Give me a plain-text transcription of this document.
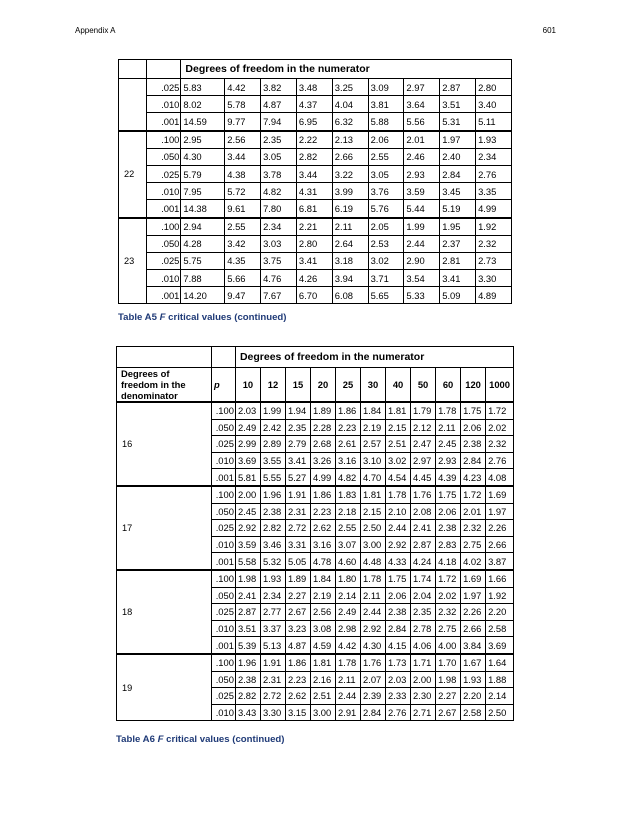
Appendix A	601
		Degrees of freedom in the numerator								
	.025	5.83	4.42	3.82	3.48	3.25	3.09	2.97	2.87	2.80
	.010	8.02	5.78	4.87	4.37	4.04	3.81	3.64	3.51	3.40
	.001	14.59	9.77	7.94	6.95	6.32	5.88	5.56	5.31	5.11
22	.100	2.95	2.56	2.35	2.22	2.13	2.06	2.01	1.97	1.93
	.050	4.30	3.44	3.05	2.82	2.66	2.55	2.46	2.40	2.34
	.025	5.79	4.38	3.78	3.44	3.22	3.05	2.93	2.84	2.76
	.010	7.95	5.72	4.82	4.31	3.99	3.76	3.59	3.45	3.35
	.001	14.38	9.61	7.80	6.81	6.19	5.76	5.44	5.19	4.99
23	.100	2.94	2.55	2.34	2.21	2.11	2.05	1.99	1.95	1.92
	.050	4.28	3.42	3.03	2.80	2.64	2.53	2.44	2.37	2.32
	.025	5.75	4.35	3.75	3.41	3.18	3.02	2.90	2.81	2.73
	.010	7.88	5.66	4.76	4.26	3.94	3.71	3.54	3.41	3.30
	.001	14.20	9.47	7.67	6.70	6.08	5.65	5.33	5.09	4.89
Table A5 F critical values (continued)
		Degrees of freedom in the numerator										
Degrees of freedom in the denominator	p	10	12	15	20	25	30	40	50	60	120	1000
16	.100	2.03	1.99	1.94	1.89	1.86	1.84	1.81	1.79	1.78	1.75	1.72
	.050	2.49	2.42	2.35	2.28	2.23	2.19	2.15	2.12	2.11	2.06	2.02
	.025	2.99	2.89	2.79	2.68	2.61	2.57	2.51	2.47	2.45	2.38	2.32
	.010	3.69	3.55	3.41	3.26	3.16	3.10	3.02	2.97	2.93	2.84	2.76
	.001	5.81	5.55	5.27	4.99	4.82	4.70	4.54	4.45	4.39	4.23	4.08
17	.100	2.00	1.96	1.91	1.86	1.83	1.81	1.78	1.76	1.75	1.72	1.69
	.050	2.45	2.38	2.31	2.23	2.18	2.15	2.10	2.08	2.06	2.01	1.97
	.025	2.92	2.82	2.72	2.62	2.55	2.50	2.44	2.41	2.38	2.32	2.26
	.010	3.59	3.46	3.31	3.16	3.07	3.00	2.92	2.87	2.83	2.75	2.66
	.001	5.58	5.32	5.05	4.78	4.60	4.48	4.33	4.24	4.18	4.02	3.87
18	.100	1.98	1.93	1.89	1.84	1.80	1.78	1.75	1.74	1.72	1.69	1.66
	.050	2.41	2.34	2.27	2.19	2.14	2.11	2.06	2.04	2.02	1.97	1.92
	.025	2.87	2.77	2.67	2.56	2.49	2.44	2.38	2.35	2.32	2.26	2.20
	.010	3.51	3.37	3.23	3.08	2.98	2.92	2.84	2.78	2.75	2.66	2.58
	.001	5.39	5.13	4.87	4.59	4.42	4.30	4.15	4.06	4.00	3.84	3.69
19	.100	1.96	1.91	1.86	1.81	1.78	1.76	1.73	1.71	1.70	1.67	1.64
	.050	2.38	2.31	2.23	2.16	2.11	2.07	2.03	2.00	1.98	1.93	1.88
	.025	2.82	2.72	2.62	2.51	2.44	2.39	2.33	2.30	2.27	2.20	2.14
	.010	3.43	3.30	3.15	3.00	2.91	2.84	2.76	2.71	2.67	2.58	2.50
Table A6 F critical values (continued)
